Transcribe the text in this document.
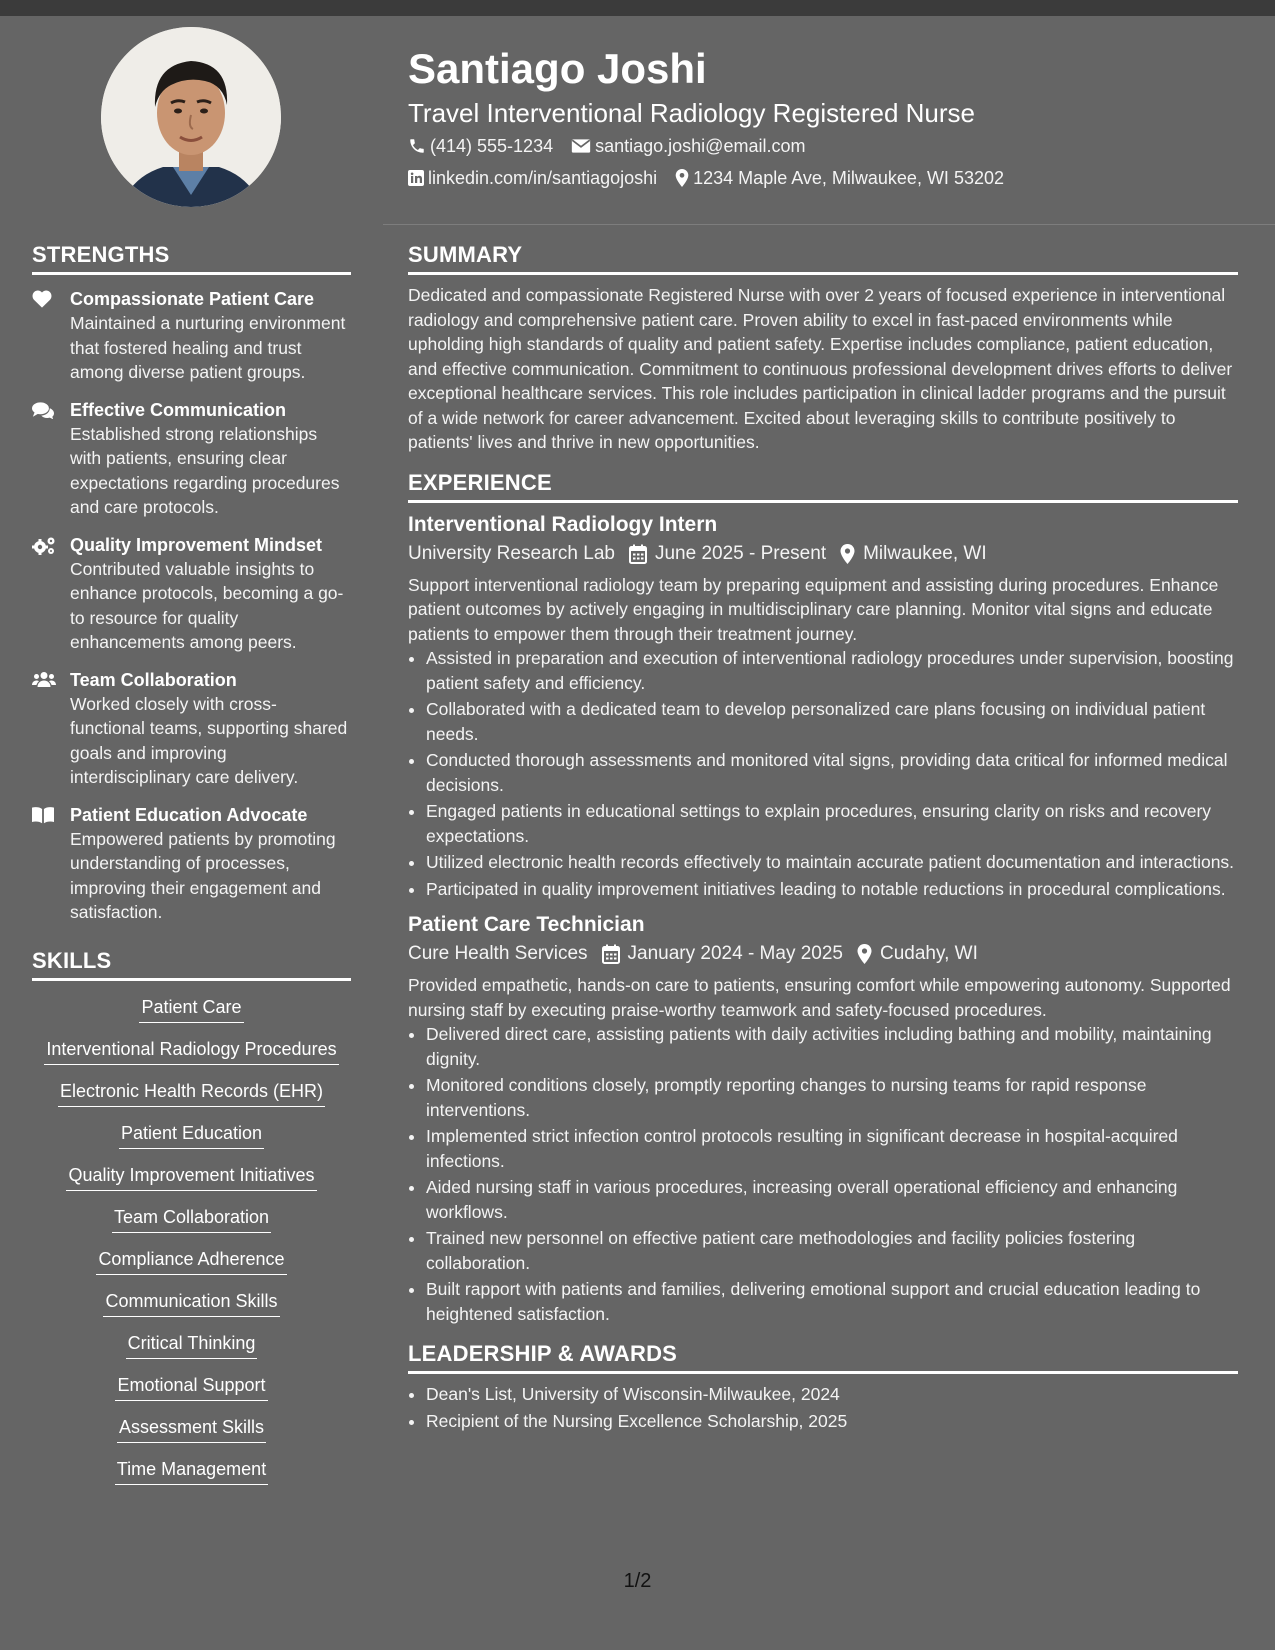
Santiago Joshi
Travel Interventional Radiology Registered Nurse
(414) 555-1234 santiago.joshi@email.com
linkedin.com/in/santiagojoshi 1234 Maple Ave, Milwaukee, WI 53202
STRENGTHS
Compassionate Patient Care
Maintained a nurturing environment that fostered healing and trust among diverse patient groups.
Effective Communication
Established strong relationships with patients, ensuring clear expectations regarding procedures and care protocols.
Quality Improvement Mindset
Contributed valuable insights to enhance protocols, becoming a go-to resource for quality enhancements among peers.
Team Collaboration
Worked closely with cross-functional teams, supporting shared goals and improving interdisciplinary care delivery.
Patient Education Advocate
Empowered patients by promoting understanding of processes, improving their engagement and satisfaction.
SKILLS
Patient Care
Interventional Radiology Procedures
Electronic Health Records (EHR)
Patient Education
Quality Improvement Initiatives
Team Collaboration
Compliance Adherence
Communication Skills
Critical Thinking
Emotional Support
Assessment Skills
Time Management
SUMMARY

Dedicated and compassionate Registered Nurse with over 2 years of focused experience in interventional radiology and comprehensive patient care. Proven ability to excel in fast-paced environments while upholding high standards of quality and patient safety. Expertise includes compliance, patient education, and effective communication. Commitment to continuous professional development drives efforts to deliver exceptional healthcare services. This role includes participation in clinical ladder programs and the pursuit of a wide network for career advancement. Excited about leveraging skills to contribute positively to patients' lives and thrive in new opportunities.

EXPERIENCE
Interventional Radiology Intern
University Research Lab June 2025 - Present Milwaukee, WI
Support interventional radiology team by preparing equipment and assisting during procedures. Enhance patient outcomes by actively engaging in multidisciplinary care planning. Monitor vital signs and educate patients to empower them through their treatment journey.
• Assisted in preparation and execution of interventional radiology procedures under supervision, boosting patient safety and efficiency.
• Collaborated with a dedicated team to develop personalized care plans focusing on individual patient needs.
• Conducted thorough assessments and monitored vital signs, providing data critical for informed medical decisions.
• Engaged patients in educational settings to explain procedures, ensuring clarity on risks and recovery expectations.
• Utilized electronic health records effectively to maintain accurate patient documentation and interactions.
• Participated in quality improvement initiatives leading to notable reductions in procedural complications.
Patient Care Technician
Cure Health Services January 2024 - May 2025 Cudahy, WI
Provided empathetic, hands-on care to patients, ensuring comfort while empowering autonomy. Supported nursing staff by executing praise-worthy teamwork and safety-focused procedures.
• Delivered direct care, assisting patients with daily activities including bathing and mobility, maintaining dignity.
• Monitored conditions closely, promptly reporting changes to nursing teams for rapid response interventions.
• Implemented strict infection control protocols resulting in significant decrease in hospital-acquired infections.
• Aided nursing staff in various procedures, increasing overall operational efficiency and enhancing workflows.
• Trained new personnel on effective patient care methodologies and facility policies fostering collaboration.
• Built rapport with patients and families, delivering emotional support and crucial education leading to heightened satisfaction.
LEADERSHIP & AWARDS
• Dean's List, University of Wisconsin-Milwaukee, 2024
• Recipient of the Nursing Excellence Scholarship, 2025
1/2
